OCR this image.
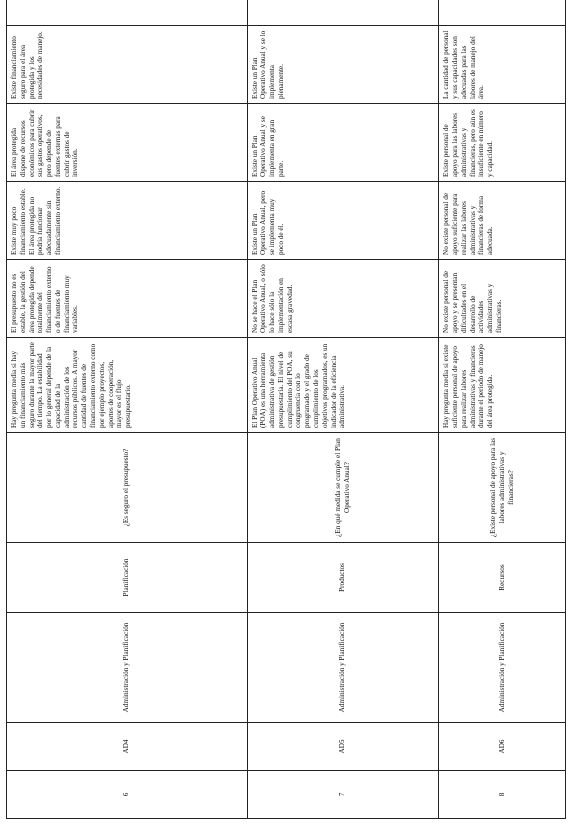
6	AD4	Administración y Planificación	Planificación	¿Es seguro el presupuesto?	Hay pregunta media si hay un financiamiento más seguro durante la mayor parte del tiempo. La estabilidad por lo general depende de la capacidad de la administración de los recursos públicos. A mayor cantidad de fuentes de financiamiento externo como por ejemplo proyectos, aportes de cooperación, mayor es el flujo presupuestario.	El presupuesto no es estable, la gestión del área protegida depende totalmente del financiamiento externo o de fuentes de financiamiento muy variables.	Existe muy poco financiamiento estable. El área protegida no podría funcionar adecuadamente sin financiamiento externo.	El área protegida dispone de recursos económicos para cubrir sus gastos operativos, pero depende de fuentes externas para cubrir gastos de inversión.	Existe financiamiento seguro para el área protegida y los necesidades de manejo.		
7	AD5	Administración y Planificación	Productos	¿En qué medida se cumple el Plan Operativo Anual?	El Plan Operativo Anual (POA) es una herramienta administrativa de gestión presupuestaria. El nivel de cumplimiento del POA, su congruencia con lo programado y el grado de cumplimiento de los objetivos programados, es un indicador de la eficiencia administrativa.	No se hace el Plan Operativo Anual, o sólo lo hace sólo la implementación en escasa gravedad.	Existe un Plan Operativo Anual, pero se implementa muy poco de él.	Existe un Plan Operativo Anual y se implementa en gran parte.	Existe un Plan Operativo Anual y se lo implementa plenamente.		
8	AD6	Administración y Planificación	Recursos	¿Existe personal de apoyo para las labores administrativas y financieras?	Hay pregunta media si existe suficiente personal de apoyo para realizar labores administrativas y financieras durante el periodo de manejo del área protegida.	No existe personal de apoyo y se presentan dificultades en el desarrollo de actividades administrativas y financieras.	No existe personal de apoyo suficiente para realizar las labores administrativas y financieras de forma adecuada.	Existe personal de apoyo para las labores administrativas y financieras, pero aún es insuficiente en número y capacidad.	La cantidad de personal y sus capacidades son adecuadas para las labores de manejo del área.		
